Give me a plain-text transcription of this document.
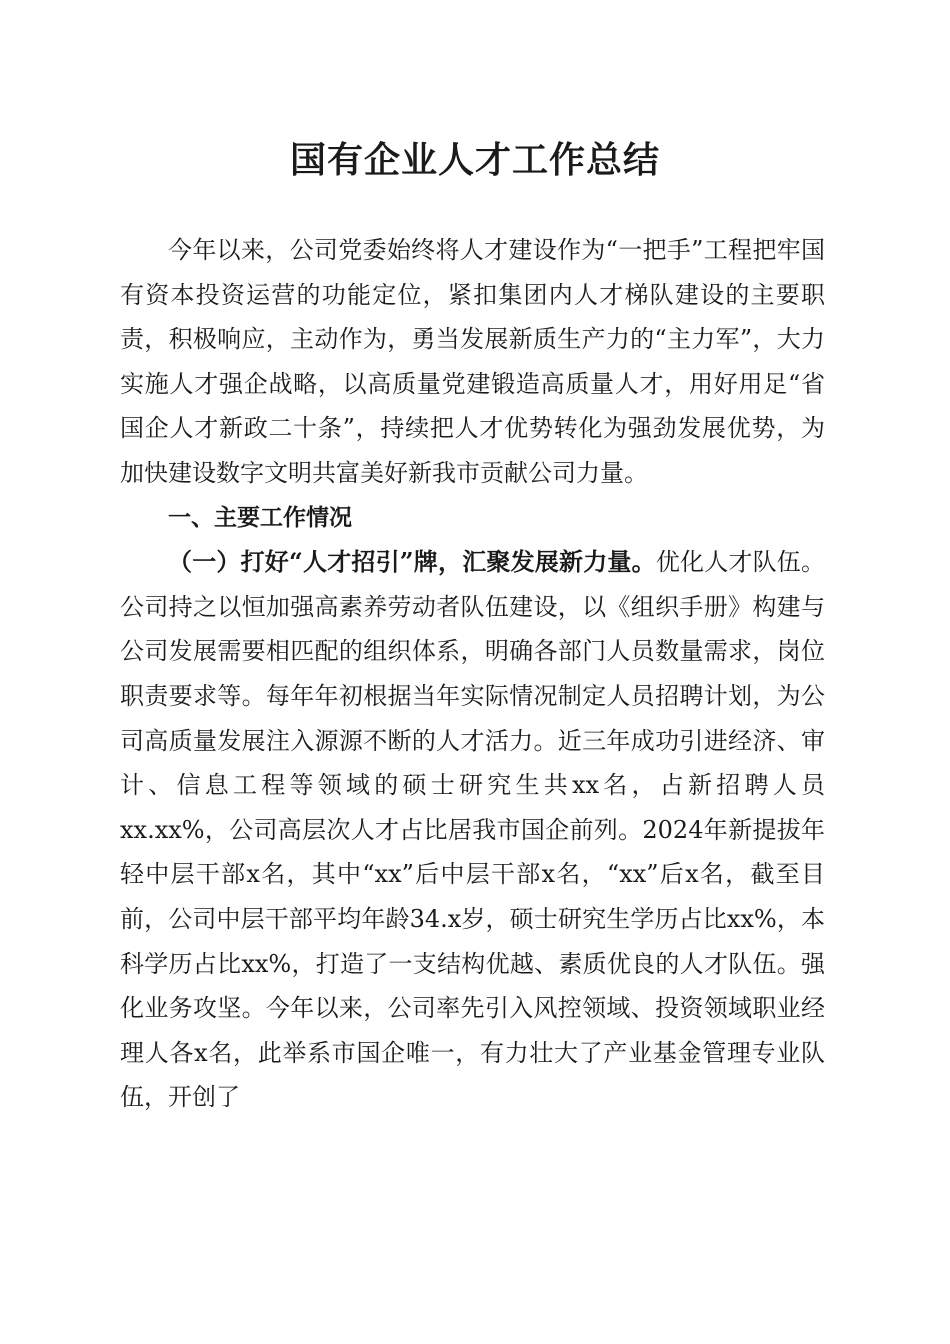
国有企业人才工作总结

今年以来，公司党委始终将人才建设作为“一把手”工程把牢国有资本投资运营的功能定位，紧扣集团内人才梯队建设的主要职责，积极响应，主动作为，勇当发展新质生产力的“主力军”，大力实施人才强企战略，以高质量党建锻造高质量人才，用好用足“省国企人才新政二十条”，持续把人才优势转化为强劲发展优势，为加快建设数字文明共富美好新我市贡献公司力量。

一、主要工作情况

（一）打好“人才招引”牌，汇聚发展新力量。优化人才队伍。公司持之以恒加强高素养劳动者队伍建设，以《组织手册》构建与公司发展需要相匹配的组织体系，明确各部门人员数量需求，岗位职责要求等。每年年初根据当年实际情况制定人员招聘计划，为公司高质量发展注入源源不断的人才活力。近三年成功引进经济、审计、信息工程等领域的硕士研究生共xx名，占新招聘人员xx.xx%，公司高层次人才占比居我市国企前列。2024年新提拔年轻中层干部x名，其中“xx”后中层干部x名，“xx”后x名，截至目前，公司中层干部平均年龄34.x岁，硕士研究生学历占比xx%，本科学历占比xx%，打造了一支结构优越、素质优良的人才队伍。强化业务攻坚。今年以来，公司率先引入风控领域、投资领域职业经理人各x名，此举系市国企唯一，有力壮大了产业基金管理专业队伍，开创了
